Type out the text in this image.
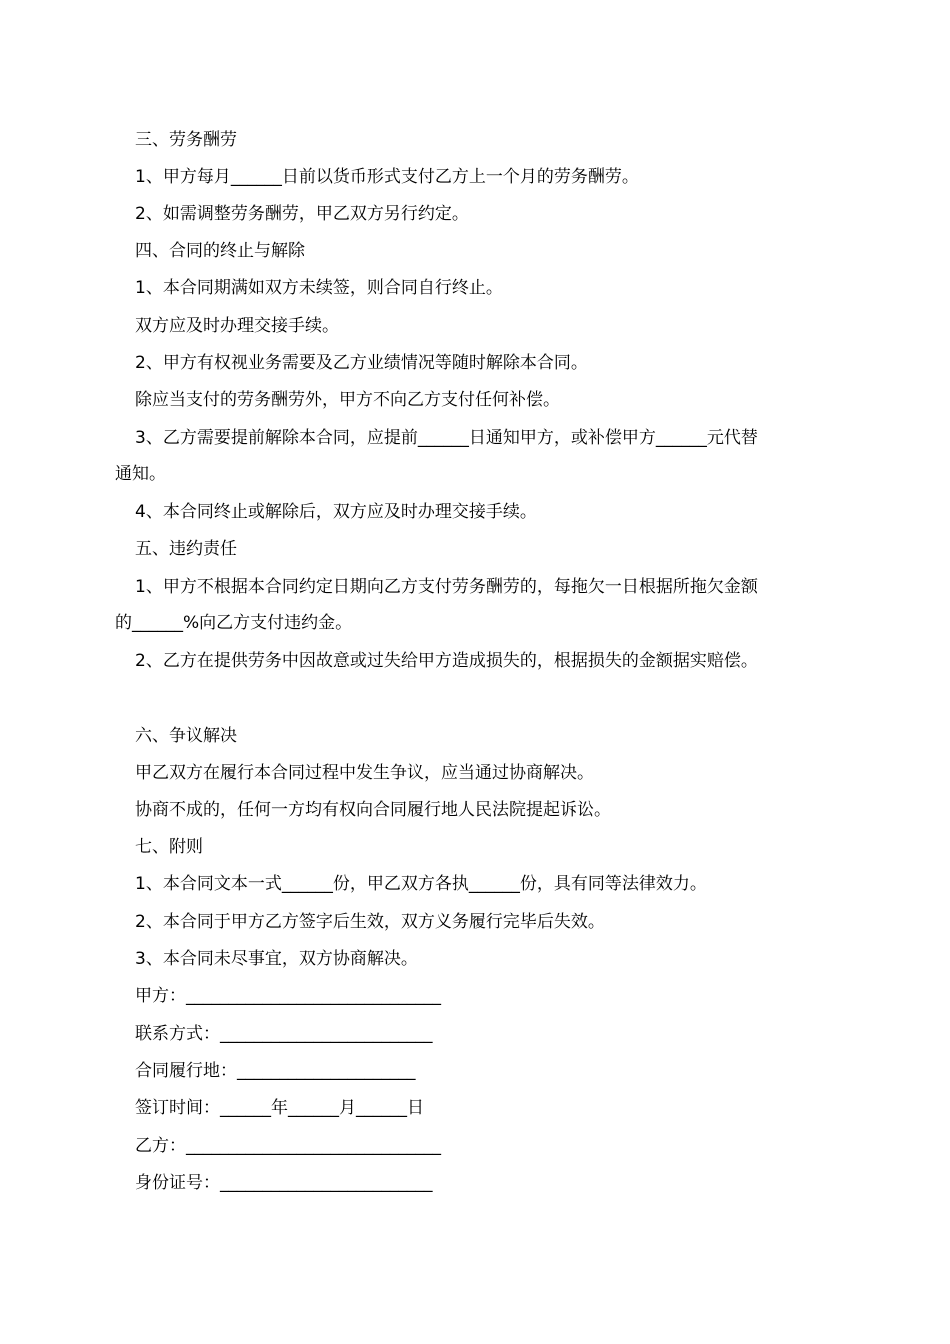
三、劳务酬劳
1、甲方每月______日前以货币形式支付乙方上一个月的劳务酬劳。
2、如需调整劳务酬劳，甲乙双方另行约定。
四、合同的终止与解除
1、本合同期满如双方未续签，则合同自行终止。
双方应及时办理交接手续。
2、甲方有权视业务需要及乙方业绩情况等随时解除本合同。
除应当支付的劳务酬劳外，甲方不向乙方支付任何补偿。
3、乙方需要提前解除本合同，应提前______日通知甲方，或补偿甲方______元代替
通知。
4、本合同终止或解除后，双方应及时办理交接手续。
五、违约责任
1、甲方不根据本合同约定日期向乙方支付劳务酬劳的，每拖欠一日根据所拖欠金额
的______%向乙方支付违约金。
2、乙方在提供劳务中因故意或过失给甲方造成损失的，根据损失的金额据实赔偿。
六、争议解决
甲乙双方在履行本合同过程中发生争议，应当通过协商解决。
协商不成的，任何一方均有权向合同履行地人民法院提起诉讼。
七、附则
1、本合同文本一式______份，甲乙双方各执______份，具有同等法律效力。
2、本合同于甲方乙方签字后生效，双方义务履行完毕后失效。
3、本合同未尽事宜，双方协商解决。
甲方：______________________________
联系方式：_________________________
合同履行地：_____________________
签订时间：______年______月______日
乙方：______________________________
身份证号：_________________________
